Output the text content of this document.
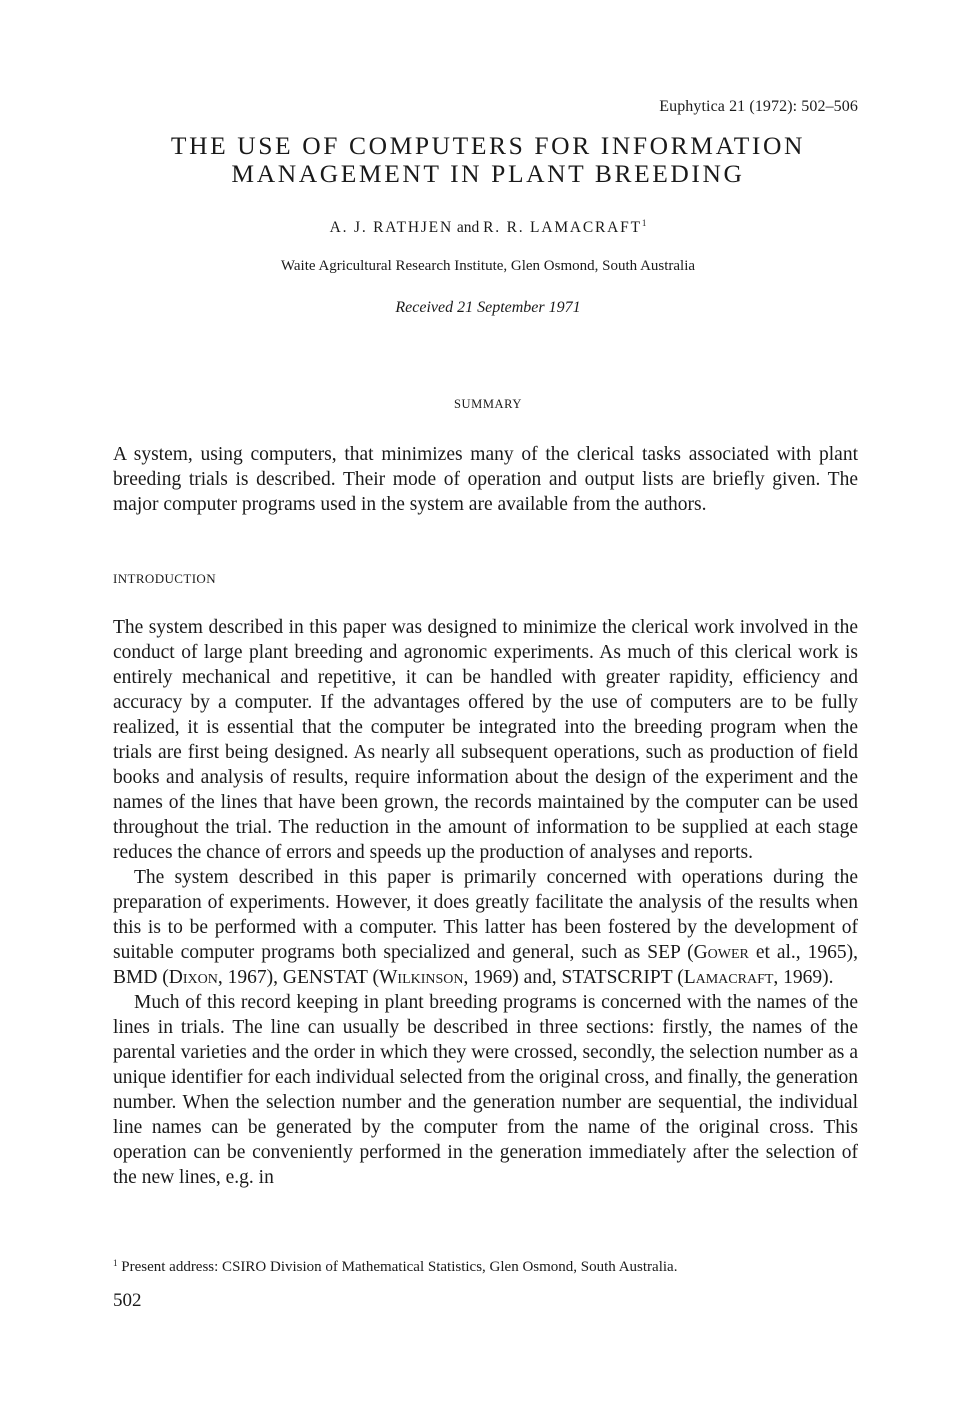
Euphytica 21 (1972): 502–506
THE USE OF COMPUTERS FOR INFORMATION
MANAGEMENT IN PLANT BREEDING
A. J. RATHJEN and R. R. LAMACRAFT$^1$
Waite Agricultural Research Institute, Glen Osmond, South Australia
Received 21 September 1971
SUMMARY

A system, using computers, that minimizes many of the clerical tasks associated with plant breeding trials is described. Their mode of operation and output lists are briefly given. The major computer programs used in the system are available from the authors.

INTRODUCTION

The system described in this paper was designed to minimize the clerical work involved in the conduct of large plant breeding and agronomic experiments. As much of this clerical work is entirely mechanical and repetitive, it can be handled with greater rapidity, efficiency and accuracy by a computer. If the advantages offered by the use of computers are to be fully realized, it is essential that the computer be integrated into the breeding program when the trials are first being designed. As nearly all subsequent operations, such as production of field books and analysis of results, require information about the design of the experiment and the names of the lines that have been grown, the records maintained by the computer can be used throughout the trial. The reduction in the amount of information to be supplied at each stage reduces the chance of errors and speeds up the production of analyses and reports.

The system described in this paper is primarily concerned with operations during the preparation of experiments. However, it does greatly facilitate the analysis of the results when this is to be performed with a computer. This latter has been fostered by the development of suitable computer programs both specialized and general, such as SEP (Gower et al., 1965), BMD (Dixon, 1967), GENSTAT (Wilkinson, 1969) and, STATSCRIPT (Lamacraft, 1969).

Much of this record keeping in plant breeding programs is concerned with the names of the lines in trials. The line can usually be described in three sections: firstly, the names of the parental varieties and the order in which they were crossed, secondly, the selection number as a unique identifier for each individual selected from the original cross, and finally, the generation number. When the selection number and the generation number are sequential, the individual line names can be generated by the computer from the name of the original cross. This operation can be conveniently performed in the generation immediately after the selection of the new lines, e.g. in

$^1$ Present address: CSIRO Division of Mathematical Statistics, Glen Osmond, South Australia.
502
